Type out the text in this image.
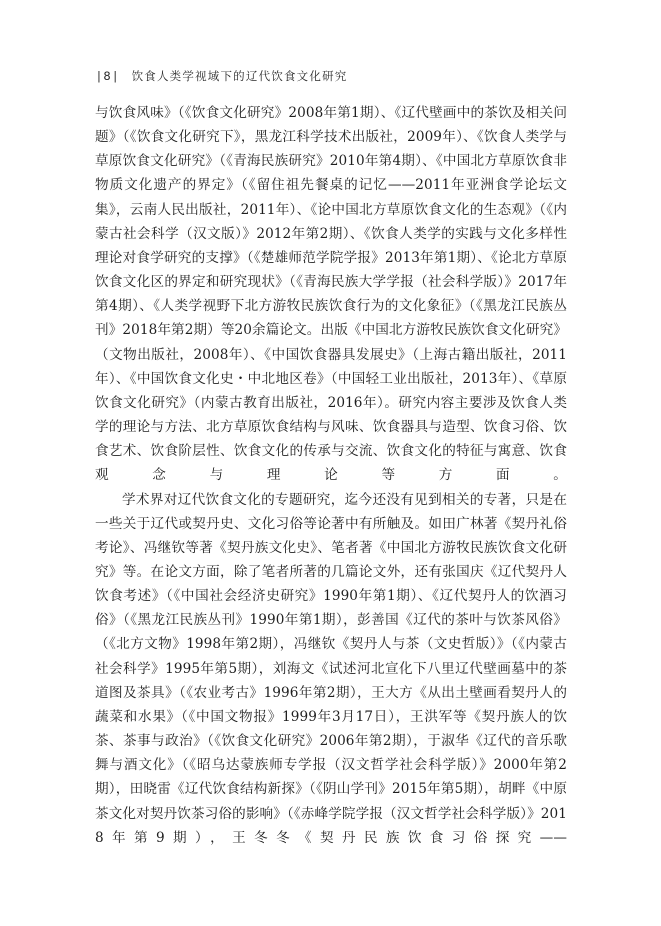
| 8 | 饮食人类学视域下的辽代饮食文化研究

与饮食风味》（《饮食文化研究》2008年第1期）、《辽代壁画中的茶饮及相关问题》（《饮食文化研究下》，黑龙江科学技术出版社，2009年）、《饮食人类学与草原饮食文化研究》（《青海民族研究》2010年第4期）、《中国北方草原饮食非物质文化遗产的界定》（《留住祖先餐桌的记忆——2011年亚洲食学论坛文集》，云南人民出版社，2011年）、《论中国北方草原饮食文化的生态观》（《内蒙古社会科学（汉文版）》2012年第2期）、《饮食人类学的实践与文化多样性理论对食学研究的支撑》（《楚雄师范学院学报》2013年第1期）、《论北方草原饮食文化区的界定和研究现状》（《青海民族大学学报（社会科学版）》2017年第4期）、《人类学视野下北方游牧民族饮食行为的文化象征》（《黑龙江民族丛刊》2018年第2期）等20余篇论文。出版《中国北方游牧民族饮食文化研究》（文物出版社，2008年）、《中国饮食器具发展史》（上海古籍出版社，2011年）、《中国饮食文化史・中北地区卷》（中国轻工业出版社，2013年）、《草原饮食文化研究》（内蒙古教育出版社，2016年）。研究内容主要涉及饮食人类学的理论与方法、北方草原饮食结构与风味、饮食器具与造型、饮食习俗、饮食艺术、饮食阶层性、饮食文化的传承与交流、饮食文化的特征与寓意、饮食观念与理论等方面。

学术界对辽代饮食文化的专题研究，迄今还没有见到相关的专著，只是在一些关于辽代或契丹史、文化习俗等论著中有所触及。如田广林著《契丹礼俗考论》、冯继钦等著《契丹族文化史》、笔者著《中国北方游牧民族饮食文化研究》等。在论文方面，除了笔者所著的几篇论文外，还有张国庆《辽代契丹人饮食考述》（《中国社会经济史研究》1990年第1期）、《辽代契丹人的饮酒习俗》（《黑龙江民族丛刊》1990年第1期），彭善国《辽代的茶叶与饮茶风俗》（《北方文物》1998年第2期），冯继钦《契丹人与茶（文史哲版）》（《内蒙古社会科学》1995年第5期），刘海文《试述河北宣化下八里辽代壁画墓中的茶道图及茶具》（《农业考古》1996年第2期），王大方《从出土壁画看契丹人的蔬菜和水果》（《中国文物报》1999年3月17日），王洪军等《契丹族人的饮茶、茶事与政治》（《饮食文化研究》2006年第2期），于淑华《辽代的音乐歌舞与酒文化》（《昭乌达蒙族师专学报（汉文哲学社会科学版）》2000年第2期），田晓雷《辽代饮食结构新探》（《阴山学刊》2015年第5期），胡畔《中原茶文化对契丹饮茶习俗的影响》（《赤峰学院学报（汉文哲学社会科学版）》2018年第9期），王冬冬《契丹民族饮食习俗探究——
